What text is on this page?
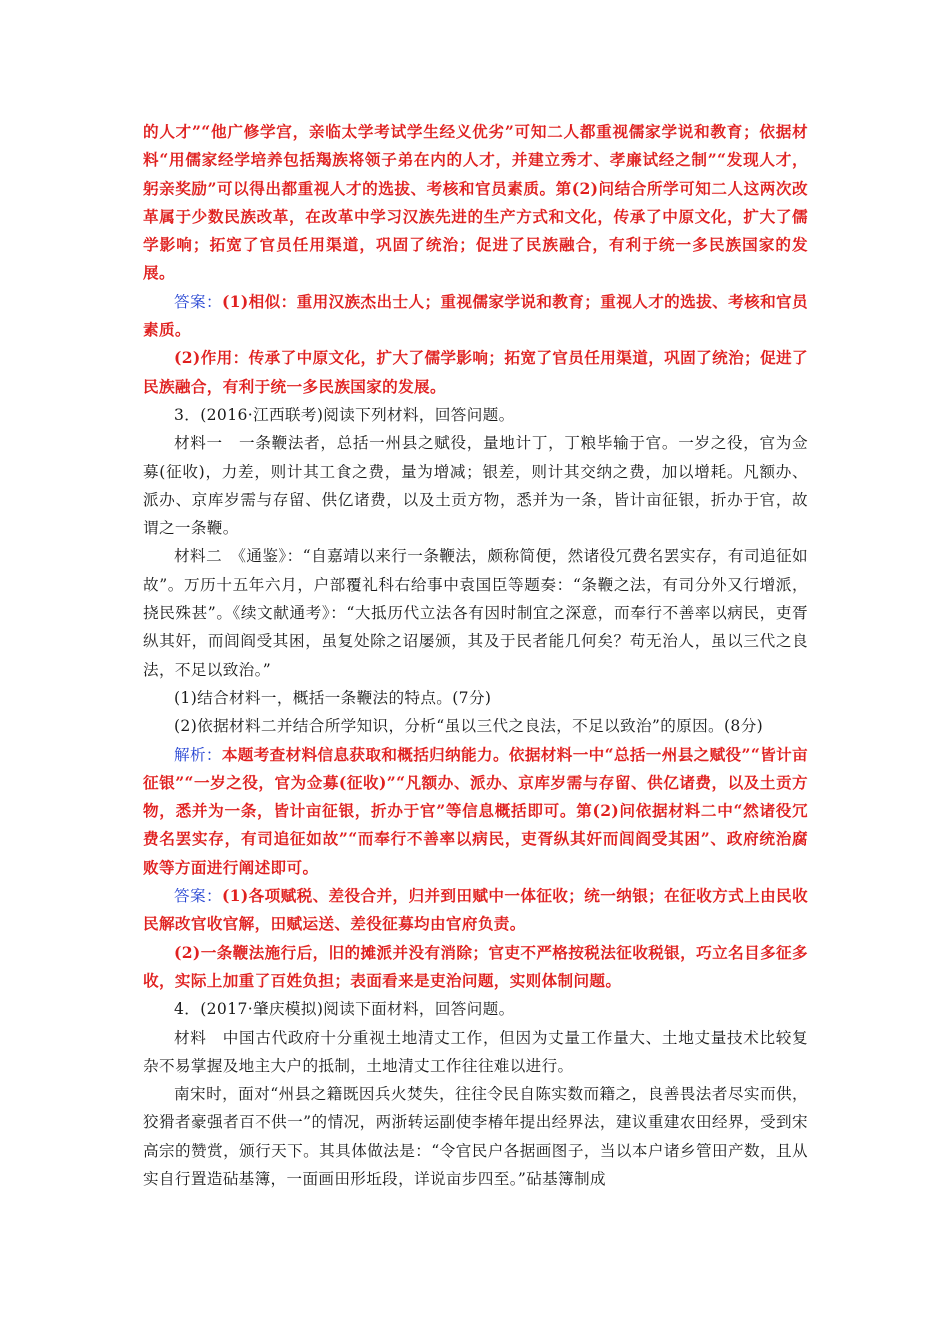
的人才”“他广修学宫，亲临太学考试学生经义优劣”可知二人都重视儒家学说和教育；依据材料“用儒家经学培养包括羯族将领子弟在内的人才，并建立秀才、孝廉试经之制”“发现人才，躬亲奖励”可以得出都重视人才的选拔、考核和官员素质。第(2)问结合所学可知二人这两次改革属于少数民族改革，在改革中学习汉族先进的生产方式和文化，传承了中原文化，扩大了儒学影响；拓宽了官员任用渠道，巩固了统治；促进了民族融合，有利于统一多民族国家的发展。

答案：(1)相似：重用汉族杰出士人；重视儒家学说和教育；重视人才的选拔、考核和官员素质。

(2)作用：传承了中原文化，扩大了儒学影响；拓宽了官员任用渠道，巩固了统治；促进了民族融合，有利于统一多民族国家的发展。

3．(2016·江西联考)阅读下列材料，回答问题。

材料一　一条鞭法者，总括一州县之赋役，量地计丁，丁粮毕输于官。一岁之役，官为佥募(征收)，力差，则计其工食之费，量为增减；银差，则计其交纳之费，加以增耗。凡额办、派办、京库岁需与存留、供亿诸费，以及土贡方物，悉并为一条，皆计亩征银，折办于官，故谓之一条鞭。

材料二　《通鉴》：“自嘉靖以来行一条鞭法，颇称简便，然诸役冗费名罢实存，有司追征如故”。万历十五年六月，户部覆礼科右给事中袁国臣等题奏：“条鞭之法，有司分外又行增派，挠民殊甚”。《续文献通考》：“大抵历代立法各有因时制宜之深意，而奉行不善率以病民，吏胥纵其奸，而闾阎受其困，虽复处除之诏屡颁，其及于民者能几何矣？苟无治人，虽以三代之良法，不足以致治。”

(1)结合材料一，概括一条鞭法的特点。(7分)

(2)依据材料二并结合所学知识，分析“虽以三代之良法，不足以致治”的原因。(8分)

解析：本题考查材料信息获取和概括归纳能力。依据材料一中“总括一州县之赋役”“皆计亩征银”“一岁之役，官为佥募(征收)”“凡额办、派办、京库岁需与存留、供亿诸费，以及土贡方物，悉并为一条，皆计亩征银，折办于官”等信息概括即可。第(2)问依据材料二中“然诸役冗费名罢实存，有司追征如故”“而奉行不善率以病民，吏胥纵其奸而闾阎受其困”、政府统治腐败等方面进行阐述即可。

答案：(1)各项赋税、差役合并，归并到田赋中一体征收；统一纳银；在征收方式上由民收民解改官收官解，田赋运送、差役征募均由官府负责。

(2)一条鞭法施行后，旧的摊派并没有消除；官吏不严格按税法征收税银，巧立名目多征多收，实际上加重了百姓负担；表面看来是吏治问题，实则体制问题。

4．(2017·肇庆模拟)阅读下面材料，回答问题。

材料　中国古代政府十分重视土地清丈工作，但因为丈量工作量大、土地丈量技术比较复杂不易掌握及地主大户的抵制，土地清丈工作往往难以进行。

南宋时，面对“州县之籍既因兵火焚失，往往令民自陈实数而籍之，良善畏法者尽实而供，狡猾者豪强者百不供一”的情况，两浙转运副使李椿年提出经界法，建议重建农田经界，受到宋高宗的赞赏，颁行天下。其具体做法是：“令官民户各据画图子，当以本户诸乡管田产数，且从实自行置造砧基簿，一面画田形坵段，详说亩步四至。”砧基簿制成
